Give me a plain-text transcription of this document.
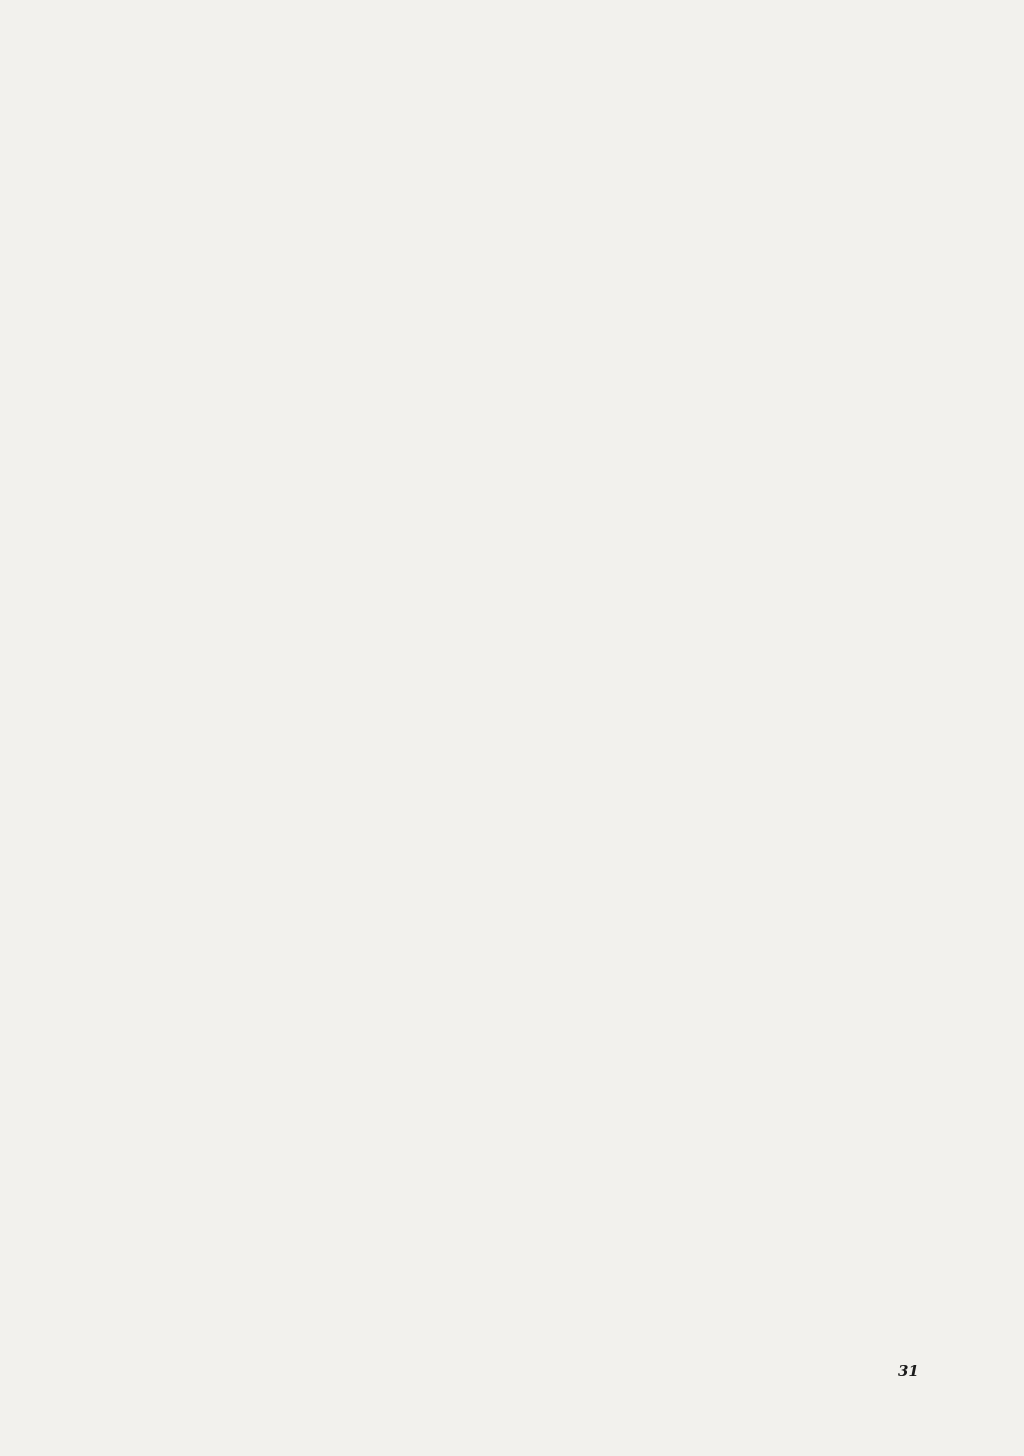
31
